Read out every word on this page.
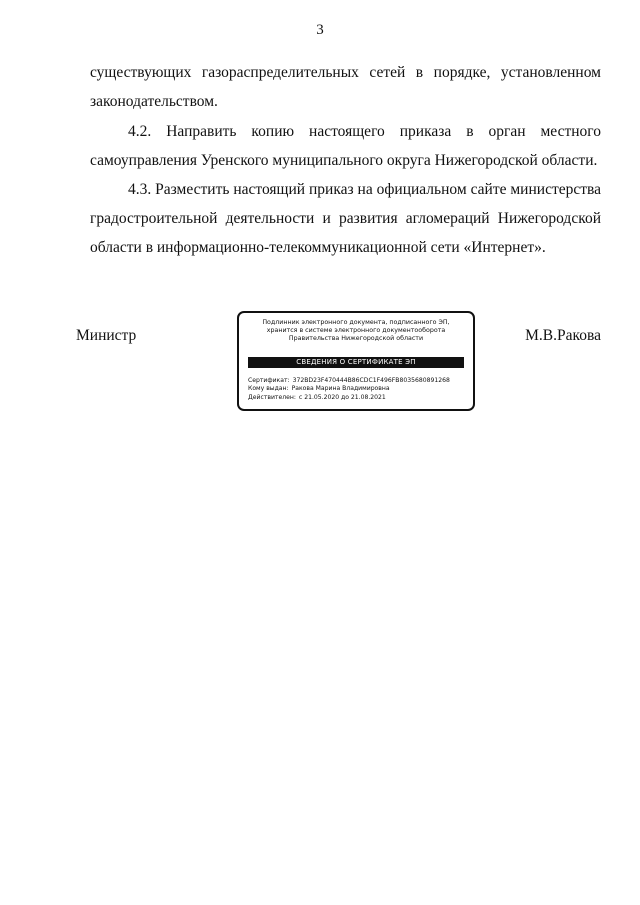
3

существующих газораспределительных сетей в порядке, установленном
законодательством.

4.2. Направить копию настоящего приказа в орган местного
самоуправления Уренского муниципального округа Нижегородской области.

4.3. Разместить настоящий приказ на официальном сайте министерства
градостроительной деятельности и развития агломераций Нижегородской
области в информационно-телекоммуникационной сети «Интернет».

Министр
Подлинник электронного документа, подписанного ЭП,
хранится в системе электронного документооборота
Правительства Нижегородской области
СВЕДЕНИЯ О СЕРТИФИКАТЕ ЭП
Сертификат: 372BD23F470444B86CDC1F496FB8035680891268
Кому выдан: Ракова Марина Владимировна
Действителен: с 21.05.2020 до 21.08.2021
М.В.Ракова
